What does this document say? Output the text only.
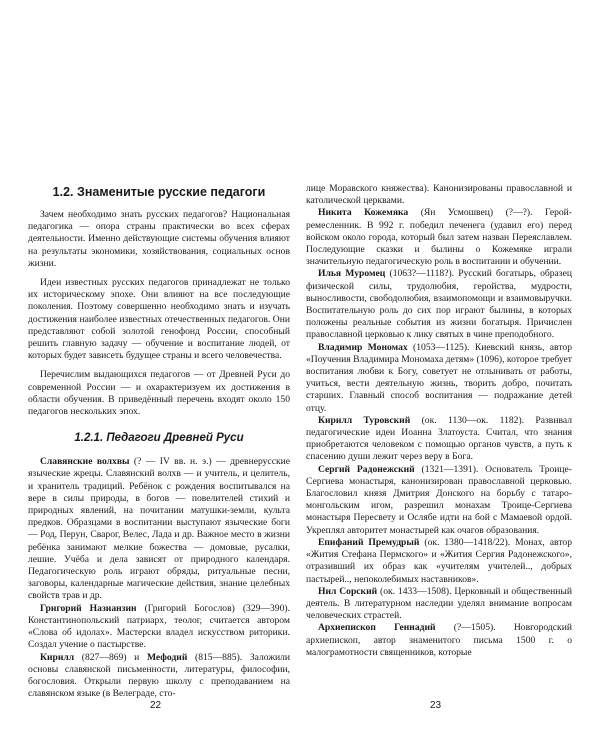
1.2. Знаменитые русские педагоги

Зачем необходимо знать русских педагогов? Национальная педагогика — опора страны практически во всех сферах деятельности. Именно действующие системы обучения влияют на результаты экономики, хозяйствования, социальных основ жизни.

Идеи известных русских педагогов принадлежат не только их историческому эпохе. Они влияют на все последующие поколения. Поэтому совершенно необходимо знать и изучать достижения наиболее известных отечественных педагогов. Они представляют собой золотой генофонд России, способный решить главную задачу — обучение и воспитание людей, от которых будет зависеть будущее страны и всего человечества.

Перечислим выдающихся педагогов — от Древней Руси до современной России — и охарактеризуем их достижения в области обучения. В приведённый перечень входят около 150 педагогов нескольких эпох.

1.2.1. Педагоги Древней Руси

Славянские волхвы (? — IV вв. н. э.) — древнерусские языческие жрецы. Славянский волхв — и учитель, и целитель, и хранитель традиций. Ребёнок с рождения воспитывался на вере в силы природы, в богов — повелителей стихий и природных явлений, на почитании матушки-земли, культа предков. Образцами в воспитании выступают языческие боги — Род, Перун, Сварог, Велес, Лада и др. Важное место в жизни ребёнка занимают мелкие божества — домовые, русалки, лешие. Учёба и дела зависят от природного календаря. Педагогическую роль играют обряды, ритуальные песни, заговоры, календарные магические действия, знание целебных свойств трав и др.

Григорий Назианзин (Григорий Богослов) (329—390). Константинопольский патриарх, теолог, считается автором «Слова об идолах». Мастерски владел искусством риторики. Создал учение о пастырстве.

Кирилл (827—869) и Мефодий (815—885). Заложили основы славянской письменности, литературы, философии, богословия. Открыли первую школу с преподаванием на славянском языке (в Велеграде, сто-

22

лице Моравского княжества). Канонизированы православной и католической церквами.

Никита Кожемяка (Ян Усмошвец) (?—?). Герой-ремесленник. В 992 г. победил печенега (удавил его) перед войском около города, который был затем назван Переяславлем. Последующие сказки и былины о Кожемяке играли значительную педагогическую роль в воспитании и обучении.

Илья Муромец (1063?—1118?). Русский богатырь, образец физической силы, трудолюбия, геройства, мудрости, выносливости, свободолюбия, взаимопомощи и взаимовыручки. Воспитательную роль до сих пор играют былины, в которых положены реальные события из жизни богатыря. Причислен православной церковью к лику святых в чине преподобного.

Владимир Мономах (1053—1125). Киевский князь, автор «Поучения Владимира Мономаха детям» (1096), которое требует воспитания любви к Богу, советует не отлынивать от работы, учиться, вести деятельную жизнь, творить добро, почитать старших. Главный способ воспитания — подражание детей отцу.

Кирилл Туровский (ок. 1130—ок. 1182). Развивал педагогические идеи Иоанна Златоуста. Считал, что знания приобретаются человеком с помощью органов чувств, а путь к спасению души лежит через веру в Бога.

Сергий Радонежский (1321—1391). Основатель Троице-Сергиева монастыря, канонизирован православной церковью. Благословил князя Дмитрия Донского на борьбу с татаро-монгольским игом, разрешил монахам Троице-Сергиева монастыря Пересвету и Ослябе идти на бой с Мамаевой ордой. Укреплял авторитет монастырей как очагов образования.

Епифаний Премудрый (ок. 1380—1418/22). Монах, автор «Жития Стефана Пермского» и «Жития Сергия Радонежского», отразивший их образ как «учителям учителей.., добрых пастырей.., непоколебимых наставников».

Нил Сорский (ок. 1433—1508). Церковный и общественный деятель. В литературном наследии уделял внимание вопросам человеческих страстей.

Архиепископ Геннадий (?—1505). Новгородский архиепископ, автор знаменитого письма 1500 г. о малограмотности священников, которые

23
